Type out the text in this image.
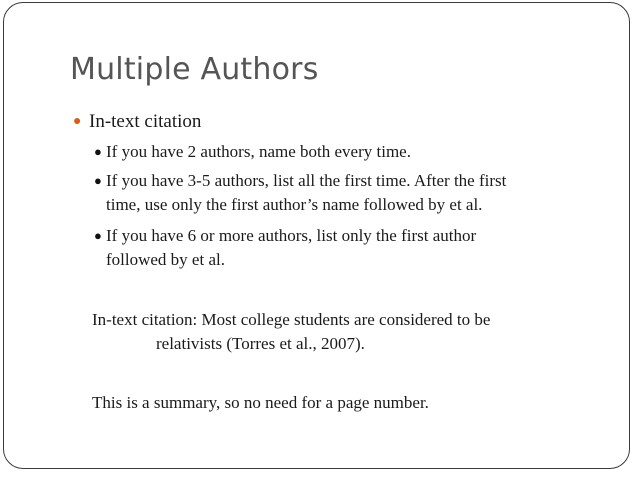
Multiple Authors
● In-text citation
● If you have 2 authors, name both every time.
● If you have 3-5 authors, list all the first time. After the first
time, use only the first author’s name followed by et al.
● If you have 6 or more authors, list only the first author
followed by et al.
In-text citation: Most college students are considered to be
relativists (Torres et al., 2007).
This is a summary, so no need for a page number.
